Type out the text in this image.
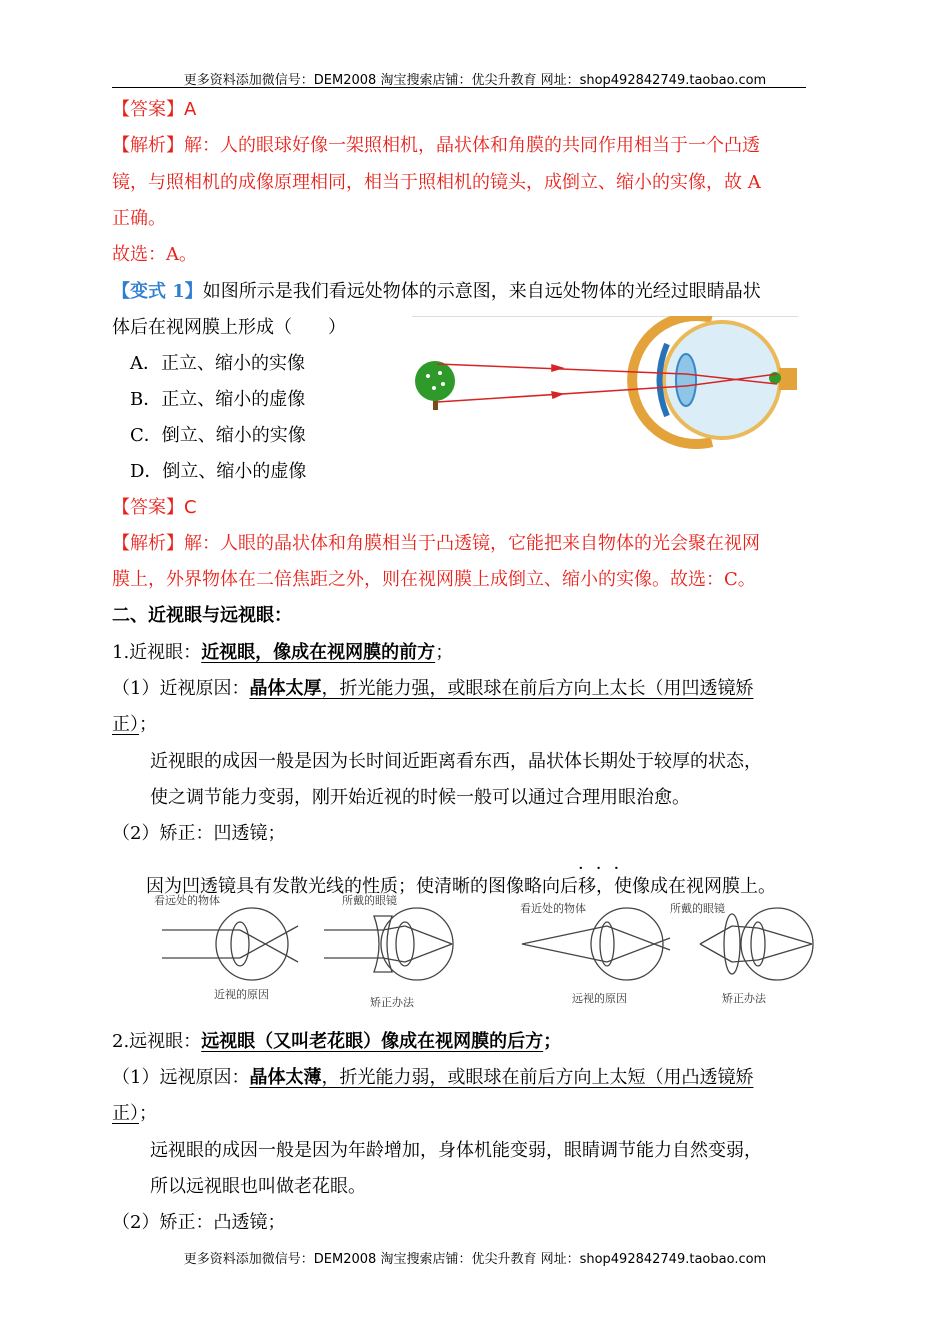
更多资料添加微信号：DEM2008 淘宝搜索店铺：优尖升教育 网址：shop492842749.taobao.com
【答案】A
【解析】解：人的眼球好像一架照相机，晶状体和角膜的共同作用相当于一个凸透
镜，与照相机的成像原理相同，相当于照相机的镜头，成倒立、缩小的实像，故 A
正确。
故选：A。
【变式 1】如图所示是我们看远处物体的示意图，来自远处物体的光经过眼睛晶状
体后在视网膜上形成（　　）
A．正立、缩小的实像
B．正立、缩小的虚像
C．倒立、缩小的实像
D．倒立、缩小的虚像
【答案】C
【解析】解：人眼的晶状体和角膜相当于凸透镜，它能把来自物体的光会聚在视网
膜上，外界物体在二倍焦距之外，则在视网膜上成倒立、缩小的实像。故选：C。
二、近视眼与远视眼：
1.近视眼：近视眼，像成在视网膜的前方；
（1）近视原因：晶体太厚，折光能力强，或眼球在前后方向上太长（用凹透镜矫
正）；
近视眼的成因一般是因为长时间近距离看东西，晶状体长期处于较厚的状态，
使之调节能力变弱，刚开始近视的时候一般可以通过合理用眼治愈。
（2）矫正：凹透镜；
···
因为凹透镜具有发散光线的性质；使清晰的图像略向后移，使像成在视网膜上。
看远处的物体	所戴的眼镜
看近处的物体	所戴的眼镜
近视的原因
矫正办法	远视的原因	矫正办法
2.远视眼：远视眼（又叫老花眼）像成在视网膜的后方；
（1）远视原因：晶体太薄，折光能力弱，或眼球在前后方向上太短（用凸透镜矫
正）；
远视眼的成因一般是因为年龄增加，身体机能变弱，眼睛调节能力自然变弱，
所以远视眼也叫做老花眼。
（2）矫正：凸透镜；
更多资料添加微信号：DEM2008 淘宝搜索店铺：优尖升教育 网址：shop492842749.taobao.com
